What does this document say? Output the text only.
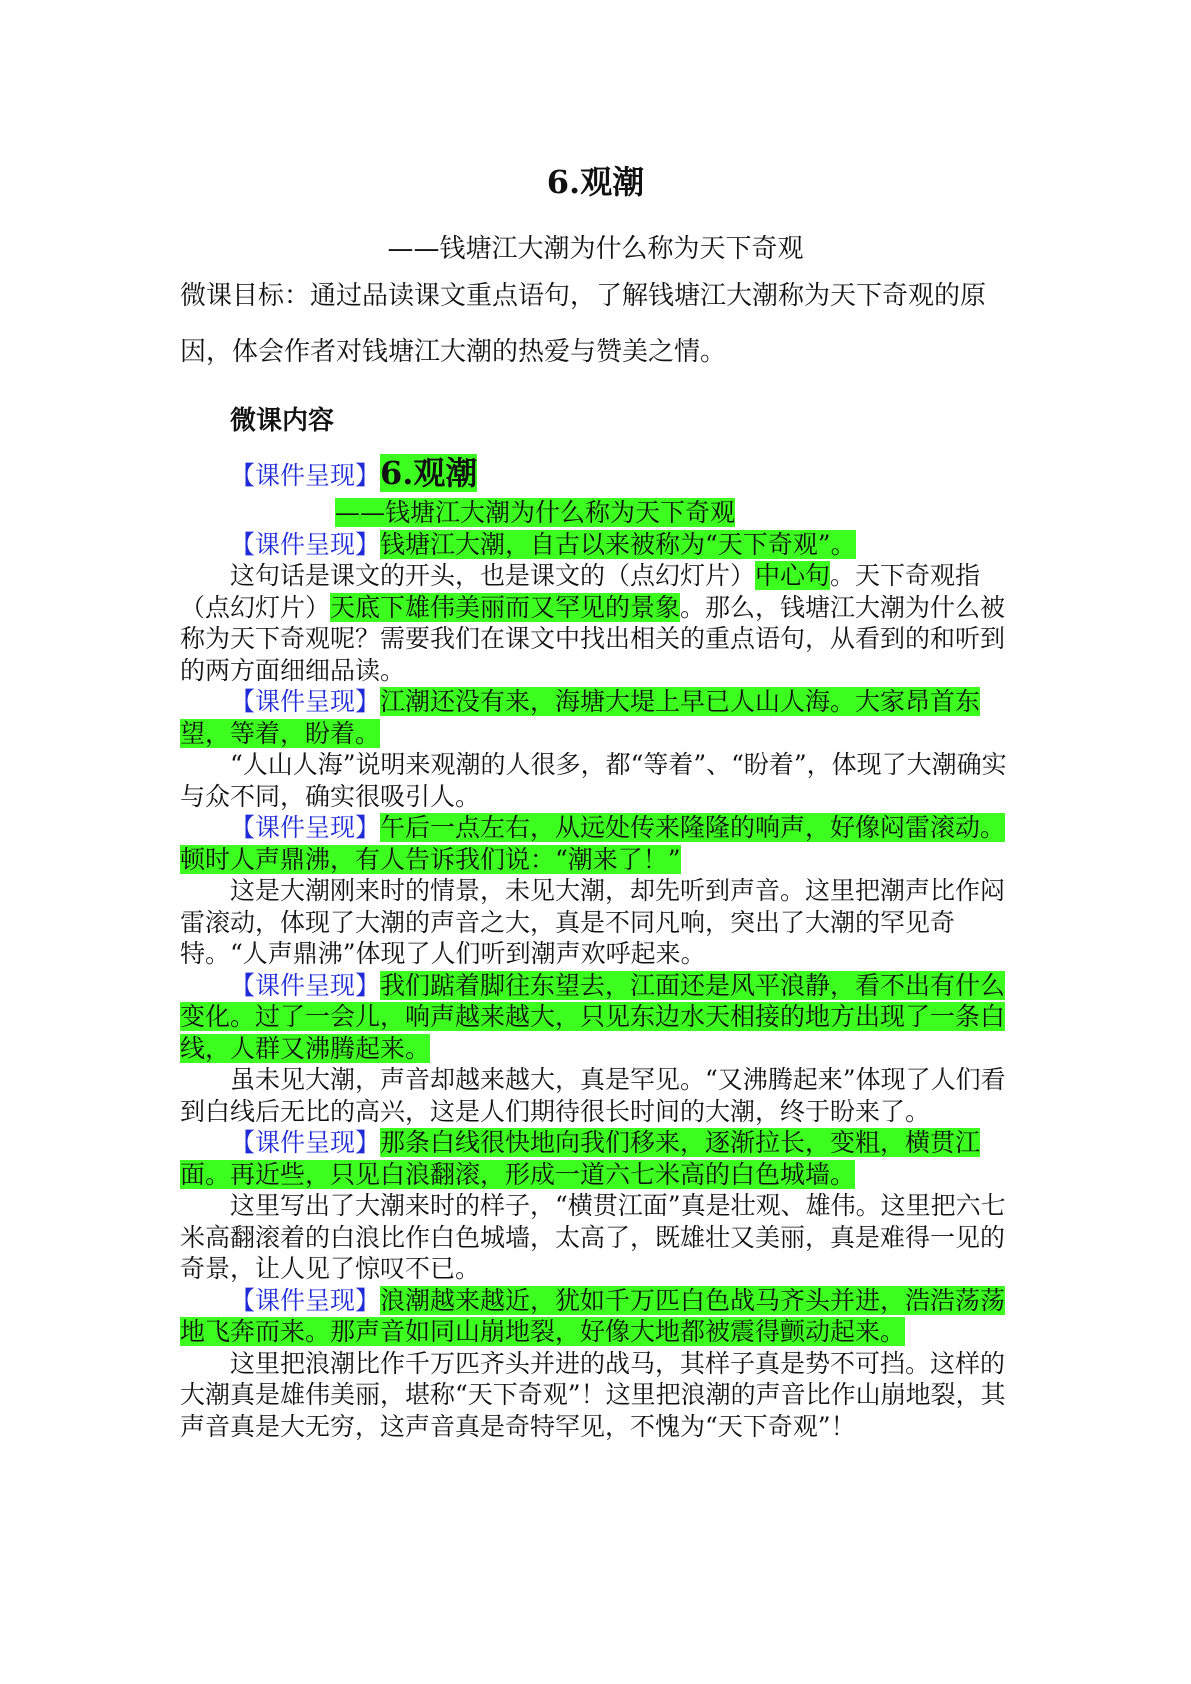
6.观潮
——钱塘江大潮为什么称为天下奇观
微课目标：通过品读课文重点语句，了解钱塘江大潮称为天下奇观的原因，体会作者对钱塘江大潮的热爱与赞美之情。
微课内容

【课件呈现】6.观潮

——钱塘江大潮为什么称为天下奇观

【课件呈现】钱塘江大潮，自古以来被称为“天下奇观”。

这句话是课文的开头，也是课文的（点幻灯片）中心句。天下奇观指（点幻灯片）天底下雄伟美丽而又罕见的景象。那么，钱塘江大潮为什么被称为天下奇观呢？需要我们在课文中找出相关的重点语句，从看到的和听到的两方面细细品读。

【课件呈现】江潮还没有来，海塘大堤上早已人山人海。大家昂首东望，等着，盼着。

“人山人海”说明来观潮的人很多，都“等着”、“盼着”，体现了大潮确实与众不同，确实很吸引人。

【课件呈现】午后一点左右，从远处传来隆隆的响声，好像闷雷滚动。顿时人声鼎沸，有人告诉我们说：“潮来了！”

这是大潮刚来时的情景，未见大潮，却先听到声音。这里把潮声比作闷雷滚动，体现了大潮的声音之大，真是不同凡响，突出了大潮的罕见奇特。“人声鼎沸”体现了人们听到潮声欢呼起来。

【课件呈现】我们踮着脚往东望去，江面还是风平浪静，看不出有什么变化。过了一会儿，响声越来越大，只见东边水天相接的地方出现了一条白线，人群又沸腾起来。

虽未见大潮，声音却越来越大，真是罕见。“又沸腾起来”体现了人们看到白线后无比的高兴，这是人们期待很长时间的大潮，终于盼来了。

【课件呈现】那条白线很快地向我们移来，逐渐拉长，变粗，横贯江面。再近些，只见白浪翻滚，形成一道六七米高的白色城墙。

这里写出了大潮来时的样子，“横贯江面”真是壮观、雄伟。这里把六七米高翻滚着的白浪比作白色城墙，太高了，既雄壮又美丽，真是难得一见的奇景，让人见了惊叹不已。

【课件呈现】浪潮越来越近，犹如千万匹白色战马齐头并进，浩浩荡荡地飞奔而来。那声音如同山崩地裂，好像大地都被震得颤动起来。

这里把浪潮比作千万匹齐头并进的战马，其样子真是势不可挡。这样的大潮真是雄伟美丽，堪称“天下奇观”！这里把浪潮的声音比作山崩地裂，其声音真是大无穷，这声音真是奇特罕见，不愧为“天下奇观”！
